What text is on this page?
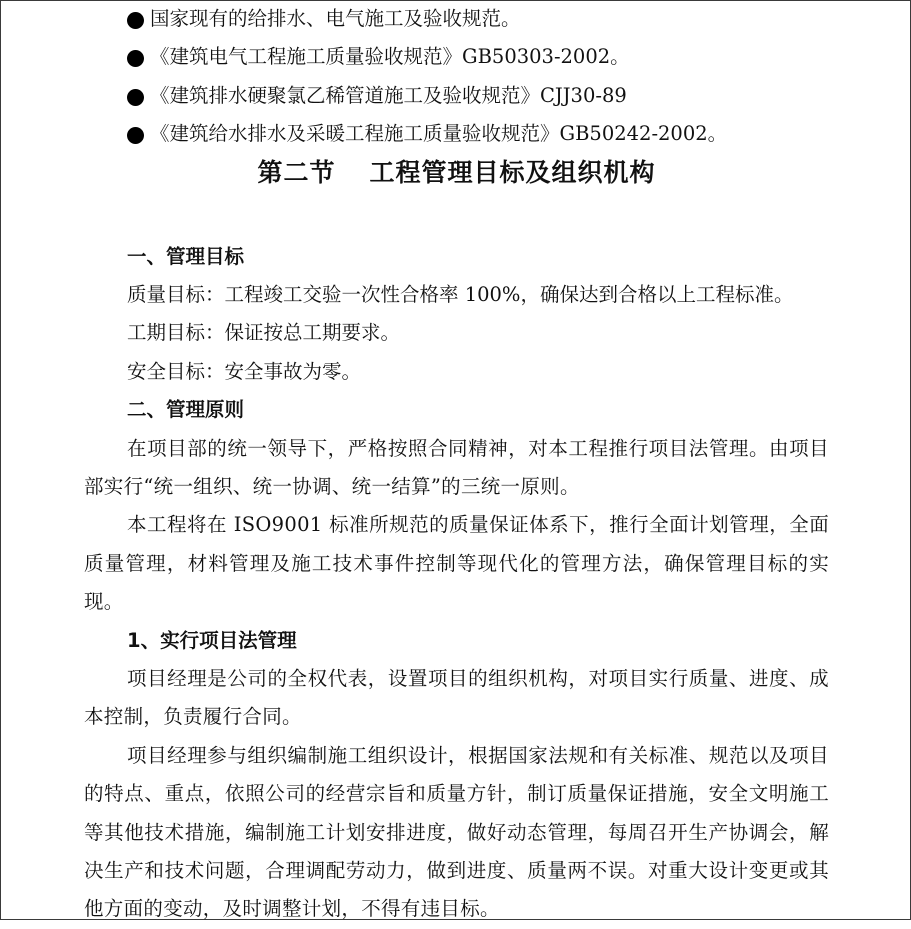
国家现有的给排水、电气施工及验收规范。
《建筑电气工程施工质量验收规范》GB50303-2002。
《建筑排水硬聚氯乙稀管道施工及验收规范》CJJ30-89
《建筑给水排水及采暖工程施工质量验收规范》GB50242-2002。
第二节 工程管理目标及组织机构

一、管理目标

质量目标：工程竣工交验一次性合格率 100%，确保达到合格以上工程标准。

工期目标：保证按总工期要求。

安全目标：安全事故为零。

二、管理原则

在项目部的统一领导下，严格按照合同精神，对本工程推行项目法管理。由项目部实行“统一组织、统一协调、统一结算”的三统一原则。

本工程将在 ISO9001 标准所规范的质量保证体系下，推行全面计划管理，全面质量管理，材料管理及施工技术事件控制等现代化的管理方法，确保管理目标的实现。

1、实行项目法管理

项目经理是公司的全权代表，设置项目的组织机构，对项目实行质量、进度、成本控制，负责履行合同。

项目经理参与组织编制施工组织设计，根据国家法规和有关标准、规范以及项目的特点、重点，依照公司的经营宗旨和质量方针，制订质量保证措施，安全文明施工等其他技术措施，编制施工计划安排进度，做好动态管理，每周召开生产协调会，解决生产和技术问题，合理调配劳动力，做到进度、质量两不误。对重大设计变更或其他方面的变动，及时调整计划，不得有违目标。
